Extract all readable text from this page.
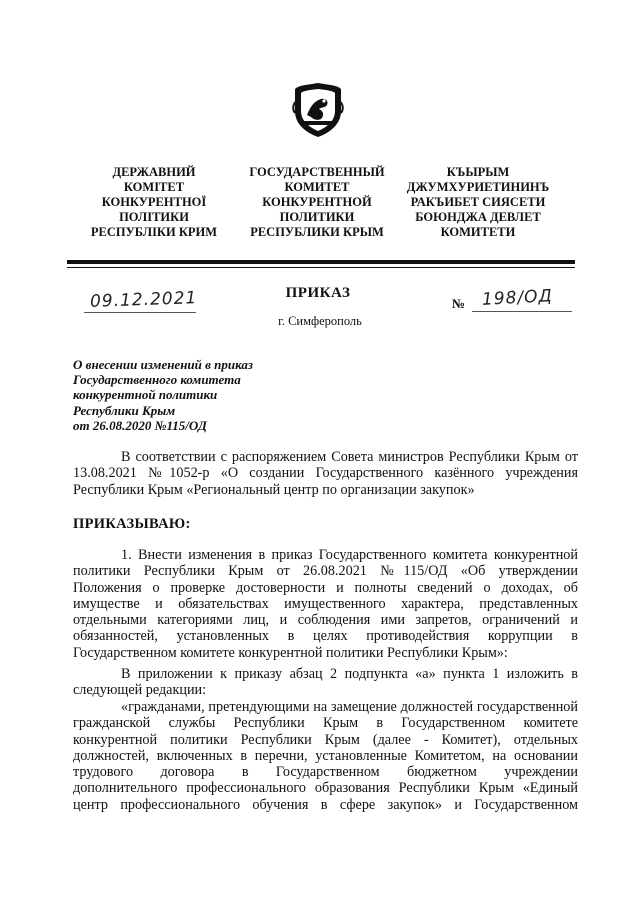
ДЕРЖАВНИЙ
КОМІТЕТ
КОНКУРЕНТНОЇ
ПОЛІТИКИ
РЕСПУБЛІКИ КРИМ
ГОСУДАРСТВЕННЫЙ
КОМИТЕТ
КОНКУРЕНТНОЙ
ПОЛИТИКИ
РЕСПУБЛИКИ КРЫМ
КЪЫРЫМ
ДЖУМХУРИЕТИНИНЪ
РАКЪИБЕТ СИЯСЕТИ
БОЮНДЖА ДЕВЛЕТ
КОМИТЕТИ
09.12.2021	ПРИКАЗ
г. Симферополь
№ 198/ОД
О внесении изменений в приказ
Государственного комитета
конкурентной политики
Республики Крым
от 26.08.2020 №115/ОД
В соответствии с распоряжением Совета министров Республики Крым от
13.08.2021 №1052-р «О создании Государственного казённого учреждения
Республики Крым «Региональный центр по организации закупок»
ПРИКАЗЫВАЮ:
1. Внести изменения в приказ Государственного комитета конкурентной
политики Республики Крым от 26.08.2021 №115/ОД «Об утверждении
Положения о проверке достоверности и полноты сведений о доходах, об
имуществе и обязательствах имущественного характера, представленных
отдельными категориями лиц, и соблюдения ими запретов, ограничений и
обязанностей, установленных в целях противодействия коррупции в
Государственном комитете конкурентной политики Республики Крым»:
В приложении к приказу абзац 2 подпункта «а» пункта 1 изложить в
следующей редакции:
«гражданами, претендующими на замещение должностей государственной
гражданской службы Республики Крым в Государственном комитете
конкурентной политики Республики Крым (далее - Комитет), отдельных
должностей, включенных в перечни, установленные Комитетом, на основании
трудового договора в Государственном бюджетном учреждении
дополнительного профессионального образования Республики Крым «Единый
центр профессионального обучения в сфере закупок» и Государственном
